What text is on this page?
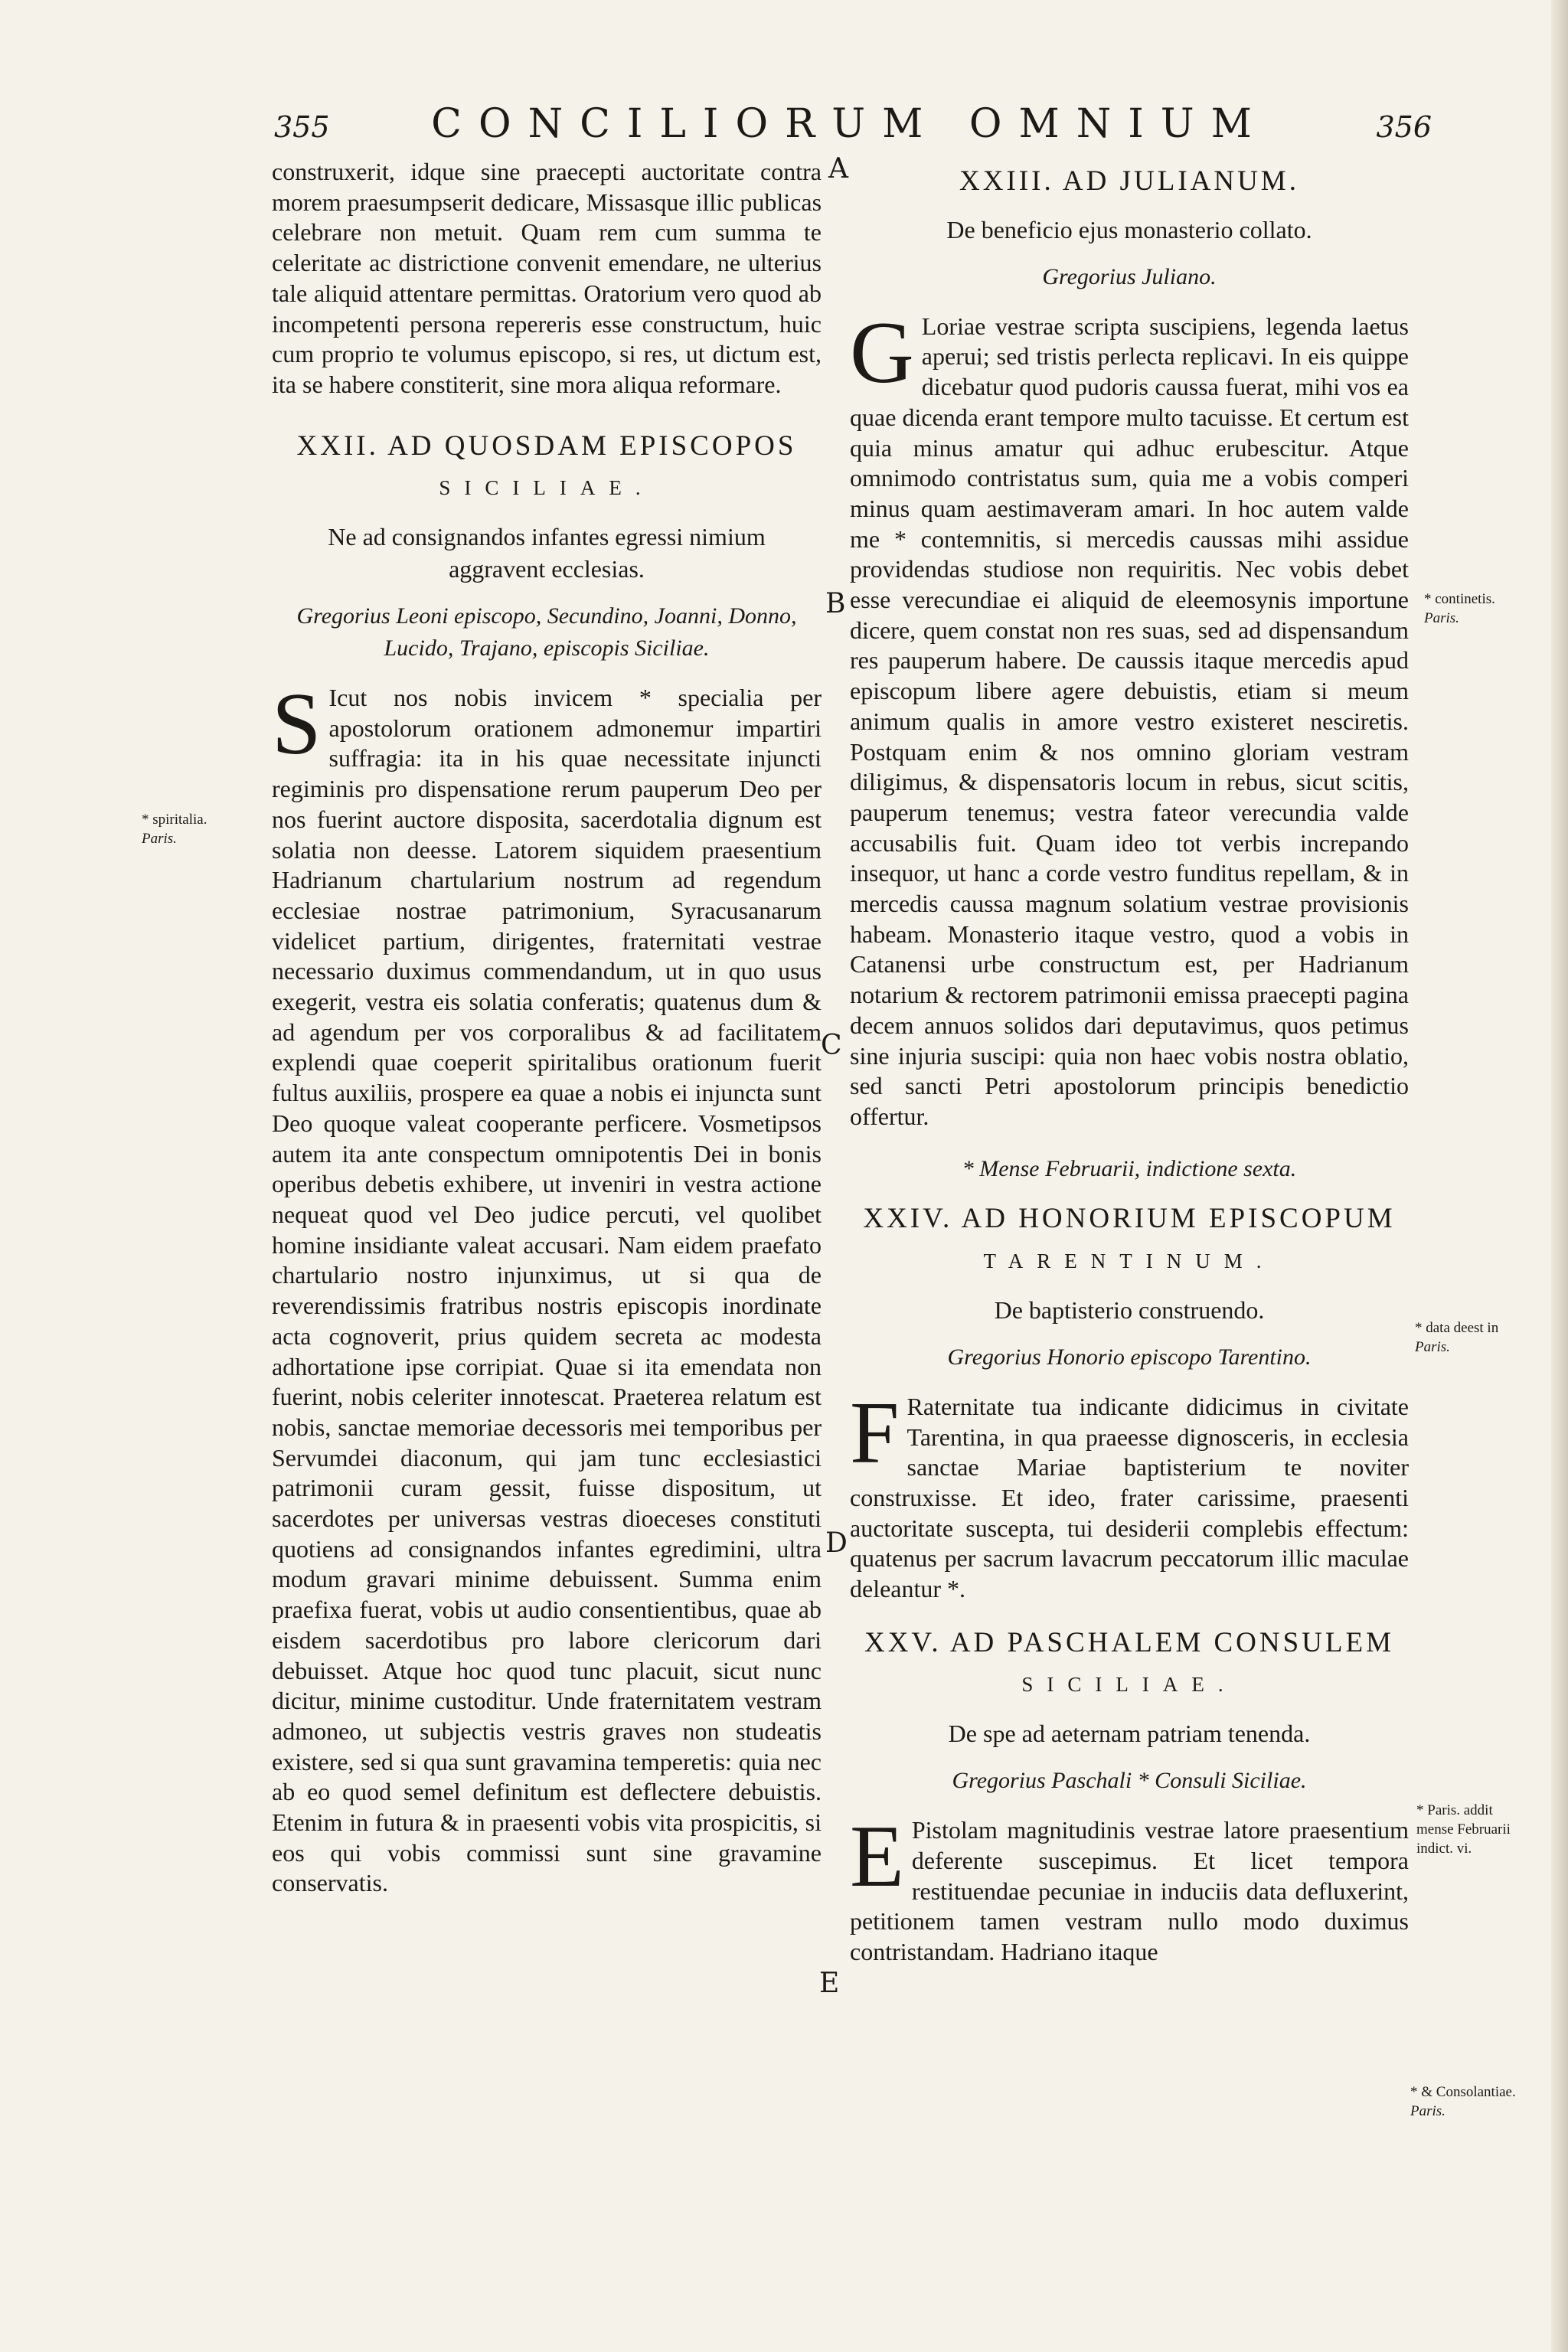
355	CONCILIORUM OMNIUM	356

construxerit, idque sine praecepti auctoritate contra morem praesumpserit dedicare, Missasque illic publicas celebrare non metuit. Quam rem cum summa te celeritate ac districtione convenit emendare, ne ulterius tale aliquid attentare permittas. Oratorium vero quod ab incompetenti persona repereris esse constructum, huic cum proprio te volumus episcopo, si res, ut dictum est, ita se habere constiterit, sine mora aliqua reformare.

XXII. AD QUOSDAM EPISCOPOS
SICILIAE.
Ne ad consignandos infantes egressi nimium aggravent ecclesias.
Gregorius Leoni episcopo, Secundino, Joanni, Donno, Lucido, Trajano, episcopis Siciliae.

S Icut nos nobis invicem * specialia per apostolorum orationem admonemur impartiri suffragia: ita in his quae necessitate injuncti regiminis pro dispensatione rerum pauperum Deo per nos fuerint auctore disposita, sacerdotalia dignum est solatia non deesse. Latorem siquidem praesentium Hadrianum chartularium nostrum ad regendum ecclesiae nostrae patrimonium, Syracusanarum videlicet partium, dirigentes, fraternitati vestrae necessario duximus commendandum, ut in quo usus exegerit, vestra eis solatia conferatis; quatenus dum & ad agendum per vos corporalibus & ad facilitatem explendi quae coeperit spiritalibus orationum fuerit fultus auxiliis, prospere ea quae a nobis ei injuncta sunt Deo quoque valeat cooperante perficere. Vosmetipsos autem ita ante conspectum omnipotentis Dei in bonis operibus debetis exhibere, ut inveniri in vestra actione nequeat quod vel Deo judice percuti, vel quolibet homine insidiante valeat accusari. Nam eidem praefato chartulario nostro injunximus, ut si qua de reverendissimis fratribus nostris episcopis inordinate acta cognoverit, prius quidem secreta ac modesta adhortatione ipse corripiat. Quae si ita emendata non fuerint, nobis celeriter innotescat. Praeterea relatum est nobis, sanctae memoriae decessoris mei temporibus per Servumdei diaconum, qui jam tunc ecclesiastici patrimonii curam gessit, fuisse dispositum, ut sacerdotes per universas vestras dioeceses constituti quotiens ad consignandos infantes egredimini, ultra modum gravari minime debuissent. Summa enim praefixa fuerat, vobis ut audio consentientibus, quae ab eisdem sacerdotibus pro labore clericorum dari debuisset. Atque hoc quod tunc placuit, sicut nunc dicitur, minime custoditur. Unde fraternitatem vestram admoneo, ut subjectis vestris graves non studeatis existere, sed si qua sunt gravamina temperetis: quia nec ab eo quod semel definitum est deflectere debuistis. Etenim in futura & in praesenti vobis vita prospicitis, si eos qui vobis commissi sunt sine gravamine conservatis.

XXIII. AD JULIANUM.
De beneficio ejus monasterio collato.
Gregorius Juliano.

G Loriae vestrae scripta suscipiens, legenda laetus aperui; sed tristis perlecta replicavi. In eis quippe dicebatur quod pudoris caussa fuerat, mihi vos ea quae dicenda erant tempore multo tacuisse. Et certum est quia minus amatur qui adhuc erubescitur. Atque omnimodo contristatus sum, quia me a vobis comperi minus quam aestimaveram amari. In hoc autem valde me * contemnitis, si mercedis caussas mihi assidue providendas studiose non requiritis. Nec vobis debet esse verecundiae ei aliquid de eleemosynis importune dicere, quem constat non res suas, sed ad dispensandum res pauperum habere. De caussis itaque mercedis apud episcopum libere agere debuistis, etiam si meum animum qualis in amore vestro existeret nesciretis. Postquam enim & nos omnino gloriam vestram diligimus, & dispensatoris locum in rebus, sicut scitis, pauperum tenemus; vestra fateor verecundia valde accusabilis fuit. Quam ideo tot verbis increpando insequor, ut hanc a corde vestro funditus repellam, & in mercedis caussa magnum solatium vestrae provisionis habeam. Monasterio itaque vestro, quod a vobis in Catanensi urbe constructum est, per Hadrianum notarium & rectorem patrimonii emissa praecepti pagina decem annuos solidos dari deputavimus, quos petimus sine injuria suscipi: quia non haec vobis nostra oblatio, sed sancti Petri apostolorum principis benedictio offertur.

* Mense Februarii, indictione sexta.
XXIV. AD HONORIUM EPISCOPUM
TARENTINUM.
De baptisterio construendo.
Gregorius Honorio episcopo Tarentino.

F Raternitate tua indicante didicimus in civitate Tarentina, in qua praeesse dignosceris, in ecclesia sanctae Mariae baptisterium te noviter construxisse. Et ideo, frater carissime, praesenti auctoritate suscepta, tui desiderii complebis effectum: quatenus per sacrum lavacrum peccatorum illic maculae deleantur *.

XXV. AD PASCHALEM CONSULEM
SICILIAE.
De spe ad aeternam patriam tenenda.
Gregorius Paschali * Consuli Siciliae.

E Pistolam magnitudinis vestrae latore praesentium deferente suscepimus. Et licet tempora restituendae pecuniae in induciis data defluxerint, petitionem tamen vestram nullo modo duximus contristandam. Hadriano itaque

A
B
C
D
E
* spiritalia.
Paris.
* continetis.
Paris.
* data deest in
Paris.
* Paris. addit mense Februarii indict. vi.
* & Consolantiae.
Paris.
